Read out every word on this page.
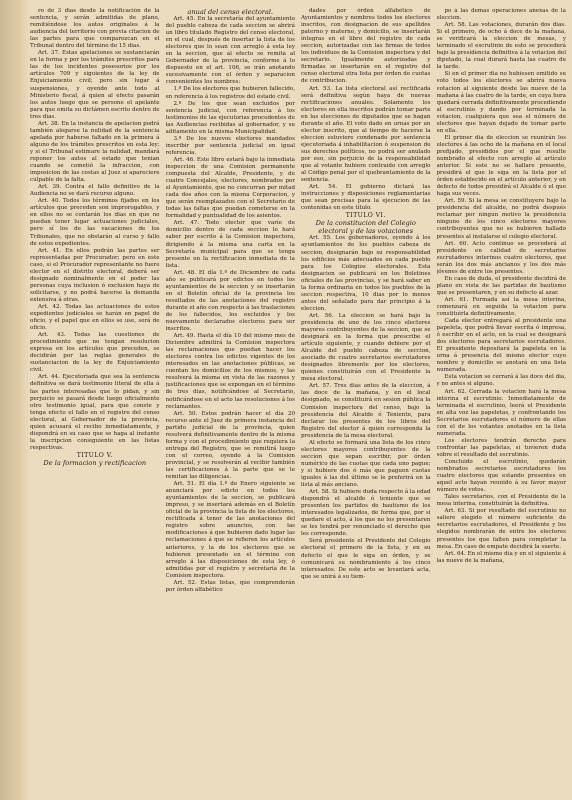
ro de 3 dias desde la notificación de la sentencia, y serán admitidas de plano, remitiéndose los autos originales á la audiencia del territorio con previa citacion de las partes para que comparezcan en el Tribunal dentro del término de 15 dias.

Art. 37. Estas apelaciones se sustanciarán en la forma y por los trámites prescritos para las de los incidentes posesorios por los artículos 709 y siguientes de la ley de Enjuiciamiento civil; pero sin lugar á suspensiones, y oyendo ante todo al Ministerio fiscal, á quien al efecto pasarán los autos luego que se persone el apelante para que emita su dictámen escrito dentro de tres dias.

Art. 38. En la instancia de apelacion podrá también alegarse la nulidad de la sentencia apelada por haberse faltado en la primera á alguno de los trámites prescritos en esta ley; y si el Tribunal estimare la nulidad, mandará reponer los autos al estado que tenian cuando se cometió la infraccion, con imposicion de las costas al Juez si apareciere culpable de la falta.

Art. 39. Contra el fallo definitivo de la Audiencia no se dará recurso alguno.

Art. 40. Todos los términos fijados en los artículos que preceden son improrogables, y en ellos no se contarán los dias en que no puedan tener lugar actuaciones judiciales, pero sí los de las vacaciones de los Tribunales, que no obstarán al curso y fallo de estos expedientes.

Art. 41. En ellos podrán las partes ser representadas por Procurador; pero en este caso, si el Procurador representante no fuere elector en el distrito electoral, deberá ser designado nominalmente en el poder las personas cuya inclusion ó exclusion haya de solicitarse, y no podrá hacerse la demanda extensiva á otras.

Art. 42. Todas las actuaciones de estos expedientes judiciales se harán en papel de oficio, y el papel que en ellos se use, será de oficio.

Art. 43. Todas las cuestiones de procedimiento que no tengan resolucion expresa en los artículos que preceden, se decidirán por las reglas generales de sustanciacion de la ley de Enjuiciamiento civil.

Art. 44. Ejecutoriada que sea la sentencia definitiva se dará testimonio literal de ella á las partes interesadas que lo pidan, y sin perjuicio se pasará desde luego oficialmente otro testimonio igual, para que conste y tenga efecto el fallo en el registro del censo electoral, al Gobernador de la provincia, quien acusará el recibo inmediatamente, y dispondrá en su caso que se haga al instante la inscripcion consiguiente en las listas respectivas.

TITULO V.

De la formacion y rectificacion

anual del censo electoral.

Art. 45. En la secretaría del ayuntamiento del pueblo cabeza de cada seccion se abrirá un libro titulado Registro del censo electoral, en el cual, después de insertar la lista de los electores que lo sean con arreglo á esta ley en la seccion, que al efecto se remita al Gobernador de la provincia, conforme á lo dispuesto en el art. 106, se irán anotando sucesivamente con el órden y separacion convenientes los nombres:

1.º De los electores que hubieren fallecido, en referencia á los registros del estado civil.

2.º De los que sean excluidos por sentencia judicial, con referencia á los testimonios de las ejecutorias procedentes de las Audiencias recibidas al gobernador, y su aditamento en la misma Municipalidad.

3.º De los nuevos electores mandados inscribir por sentencia judicial en igual referencia.

Art. 46. Este libro estará bajo la inmediata inspeccion de una Comision permanente compuesta del Alcalde, Presidente, y de cuatro Concejales, electores, nombrados por el Ayuntamiento, que no concurran por mitad cada dos años con la misma Corporacion, y que serán reemplazados con el Secretario de todas las faltas que puedan cometerse en la formalidad y puntualidad de los asientos.

Art. 47. Todo elector que varíe de domicilio dentro de cada seccion lo hará saber por escrito á la Comision inspectora, dirigiendo á la misma una carta en la Secretaría municipal para que se tenga presente en la rectificacion inmediata de la lista.

Art. 48. El día 1.º de Diciembre de cada año se publicará por edictos en todos los ayuntamientos de la seccion y se insertarán en el Boletín oficial de la provincia los resultados de las anotaciones del registro durante el año con respecto á las traslaciones de los fallecidos, los excluidos y los nuevamente declarados electores para ser inscritos.

Art. 49. Hasta el día 10 del mismo mes de Diciembre admitirá la Comision inspectora las reclamaciones que puedan hacer los electores contra los edictos vigentes de los interesados en las anotaciones públicas, se cuentan los domicilios de los mismos, y las resolverá la misma en vista de las razones y justificaciones que se expongan en el término de tres dias, notificándose al Secretario, notificándose en el acto las resoluciones á los reclamantes.

Art. 50. Estos podrán hacer el día 20 recurso ante el Juez de primera instancia del partido judicial de la provincia, quien resolverá definitivamente dentro de la misma forma y con el procedimiento que requiera la entrega del Registro, que se remitirá luego con el correo, oyendo á la Comision provincial, y se resolverán al recibir también las certificaciones á la parte que se le remitan las diligencias.

Art. 51. El día 1.º de Enero siguiente se anunciará por edicto en todos los ayuntamientos de la seccion, se publicará impreso, y se insertará además en el Boletín oficial de la provincia la lista de los electores, rectificada á tenor de las anotaciones del registro sobre anuncios, con las modificaciones á que hubieren dado lugar las reclamaciones á que se refieren los artículos anteriores, y la de los electores que se hubieren presentado en el término con arreglo á las disposiciones de esta ley, ó admitidas por el registro y secretaría de la Comision inspectora.

Art. 52. Estas listas, que comprenderán por órden alfabético

dades por órden alfabético de Ayuntamientos y nombres todos los electores inscritos, con designacion de sus apellidos paterno y materno, y domicilio, se insertarán íntegras en el libro del registro de cada seccion, autorizadas con las firmas de todos los individuos de la Comision inspectora y del secretario. Igualmente autorizadas y firmadas se insertarán en el registro del censo electoral otra lista por órden de cuotas de contribucion.

Art. 53. La lista electoral así rectificada será definitiva según haya de nuevas rectificaciones anuales. Solamente los electores en ella inscritos podrán tomar parte en las elecciones de diputados que se hagan durante el año. El voto dado en urnas por un elector inscrito, que al tiempo de hacerse la eleccion estuviere condenado por sentencia ejecutoriada á inhabilitacion ó suspension de sus derechos políticos, no podrá ser anulado por eso, sin perjuicio de la responsabilidad que al votante hubiere contraido con arreglo al Código penal por el quebrantamiento de la sentencia.

Art. 54. El gobierno dictará las instrucciones y disposiciones reglamentarias que sean precisas para la ejecucion de las contenidas en este título.

TITULO VI.

De la constitucion del Colegio electoral y de las votaciones

Art. 55. Los gobernadores, oyendo á los ayuntamientos de los pueblos cabeza de seccion, designarán bajo su responsabilidad los edificios más adecuados en cada pueblo para los Colegios electorales. Esta designacion se publicará en los Boletines oficiales de las provincias, y se hará saber en la forma ordinaria en todos los pueblos de la seccion respectiva, 10 dias por lo menos antes del señalado para dar principio á la eleccion.

Art. 56. La eleccion se hará bajo la presidencia de uno de los cinco electores mayores contribuyentes de la seccion, que se designará en la forma que prescribe el artículo siguiente, y cuando debiere por el Alcalde del pueblo cabeza de seccion, asociado de cuatro secretarios escrutadores designados libremente por los electores, quienes constituirán con el Presidente la mesa electoral.

Art. 57. Tres dias antes de la eleccion, á las doce de la mañana, y en el local designado, se constituirá en sesion pública la Comision inspectora del censo, bajo la presidencia del Alcalde ó Teniente, para declarar los presentes de los libros del Registro del elector á quien corresponda la presidencia de la mesa electoral.

Al efecto se formará una lista de los cinco electores mayores contribuyentes de la seccion que sepan escribir, por órden numérico de las cuotas que cada uno pague; y si hubiere dos ó más que paguen cuotas iguales á las del último se le preferirá en la lista al más anciano.

Art. 58. Si hubiere duda respecto á la edad dispondrá el alcalde ó teniente que se presenten los partidos de bautismo de los interesados legalizados, de forma que, por si quedare el acto, á los que no los presentaren se les tendrá por renunciado el derecho que les corresponde.

Será presidente el Presidente del Colegio electoral el primero de la lista, y en su defecto el que le siga en órden, y se comunicará su nombramiento á los cinco interesados. De este acto se levantará acta, que se unirá á su tiem-

po á las demas operaciones anexas de la eleccion.

Art. 58. Las votaciones, durarán dos dias. Si el primero, de ocho á doce de la mañana, se verificará la eleccion de mesas, y terminado el escrutinio de esto se procederá bajo la presidencia definitiva á la votacion del diputado, la cual durará hasta las cuatro de la tarde.

Si en el primer dia no hubiesen emitido su voto todos los electores se abrirá nueva votacion al siguiente desde las nueve de la mañana á las cuatro de la tarde, en cuya hora quedará cerrada definitivamente procediendo al escrutinio y dando por terminada la votacion, cualquiera que sea el número de electores que hayan dejado de tomar parte en ella.

El primer dia de eleccion se reunirán los electores á las ocho de la mañana en el local prefijado, presididos por el que resulte nombrado al efecto con arreglo al artículo anterior. Si este no se hallare presente, presidirá el que le siga en la lista por el órden establecido en el artículo anterior, y en defecto de todos presidirá el Alcalde ó el que haga sus veces.

Art. 59. Si la mesa se constituyere bajo la presidencia del alcalde, no podrá después reclamar por ningun motivo la presidencia ninguno de los cinco electores mayores contribuyentes que no se hubieren hallado presentes al instalarse el colegio electoral.

Art. 60. Acto continuo se procederá al presidente en calidad de secretarios escrutadores interinos cuatro electores, que serán los dos más ancianos y los dos más jóvenes de entre los presentes.

En caso de duda, el presidente decidirá de plano en vista de las partidas de bautismo que se presentaren, y en su defecto al azar.

Art. 61. Formada así la mesa interina, comenzará en seguida la votacion para constituirla definitivamente.

Cada elector entregará al presidente una papeleta, que podrá llevar escrita ó impresa, ó escribir en el acto, en la cual se designará dos electores para secretarios escrutadores. El presidente depositará la papeleta en la urna á presencia del mismo elector cuyo nombre y domicilio se anotará en una lista numerada.

Esta votacion se cerrará á las doce del dia, y no antes si alguno.

Art. 62. Cerrada la votacion hará la mesa interina el escrutinio. Inmediatamente de terminada el escrutinio, leerá el Presidente en alta voz las papeletas, y confrontando los Secretarios escrutadores el número de ellas con el de los votantes anotados en la lista numerada.

Los electores tendrán derecho para confrontar las papeletas, si tuvieren duda sobre el resultado del escrutinio.

Concluido el escrutinio, quedarán nombrados secretarios escrutadores los cuatro electores que estando presentes en aquel acto hayan reunido á su favor mayor número de votos.

Tales secretarios, con el Presidente de la mesa interina, constituirán la definitiva.

Art. 63. Si por resultado del escrutinio no saliere elegido el número suficiente de secretarios escrutadores, el Presidente y los elegidos nombrarán de entre los electores presentes los que falten para completar la mesa. En caso de empate decidirá la suerte.

Art. 64. En el mismo dia y en el siguiente á las nueve de la mañana,
